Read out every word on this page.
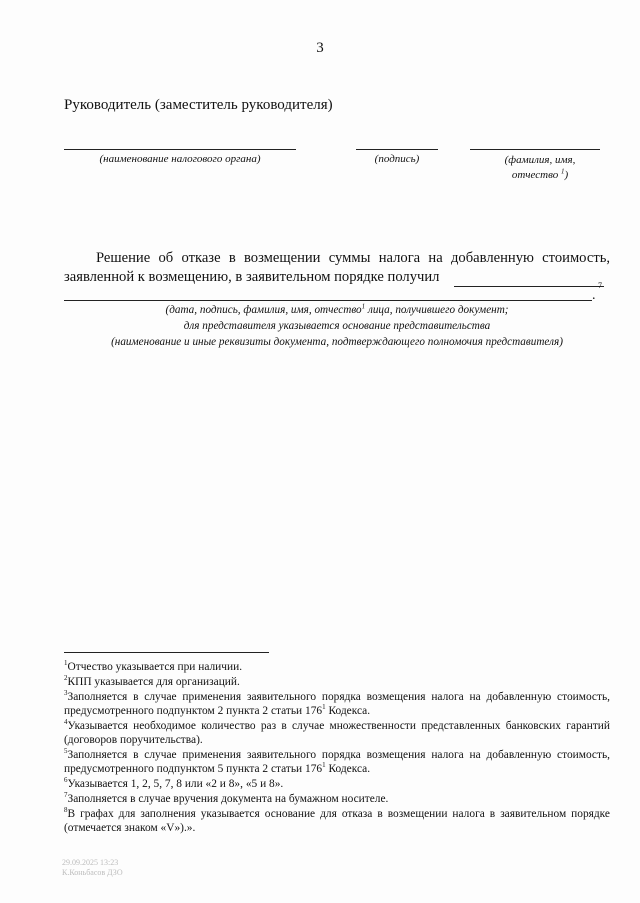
3
Руководитель (заместитель руководителя)
(наименование налогового органа)	(подпись)	(фамилия, имя,
отчество $^1$)
Решение об отказе в возмещении суммы налога на добавленную стоимость, заявленной к возмещению, в заявительном порядке получил
.
7
(дата, подпись, фамилия, имя, отчество$^1$ лица, получившего документ;
для представителя указывается основание представительства
(наименование и иные реквизиты документа, подтверждающего полномочия представителя)

$^1$Отчество указывается при наличии.

$^2$КПП указывается для организаций.

$^3$Заполняется в случае применения заявительного порядка возмещения налога на добавленную стоимость, предусмотренного подпунктом 2 пункта 2 статьи $176^1$ Кодекса.

$^4$Указывается необходимое количество раз в случае множественности представленных банковских гарантий (договоров поручительства).

$^5$Заполняется в случае применения заявительного порядка возмещения налога на добавленную стоимость, предусмотренного подпунктом 5 пункта 2 статьи $176^1$ Кодекса.

$^6$Указывается 1, 2, 5, 7, 8 или «2 и 8», «5 и 8».

$^7$Заполняется в случае вручения документа на бумажном носителе.

$^8$В графах для заполнения указывается основание для отказа в возмещении налога в заявительном порядке (отмечается знаком «V»).».

29.09.2025 13:23
К.Коньбасов ДЗО
